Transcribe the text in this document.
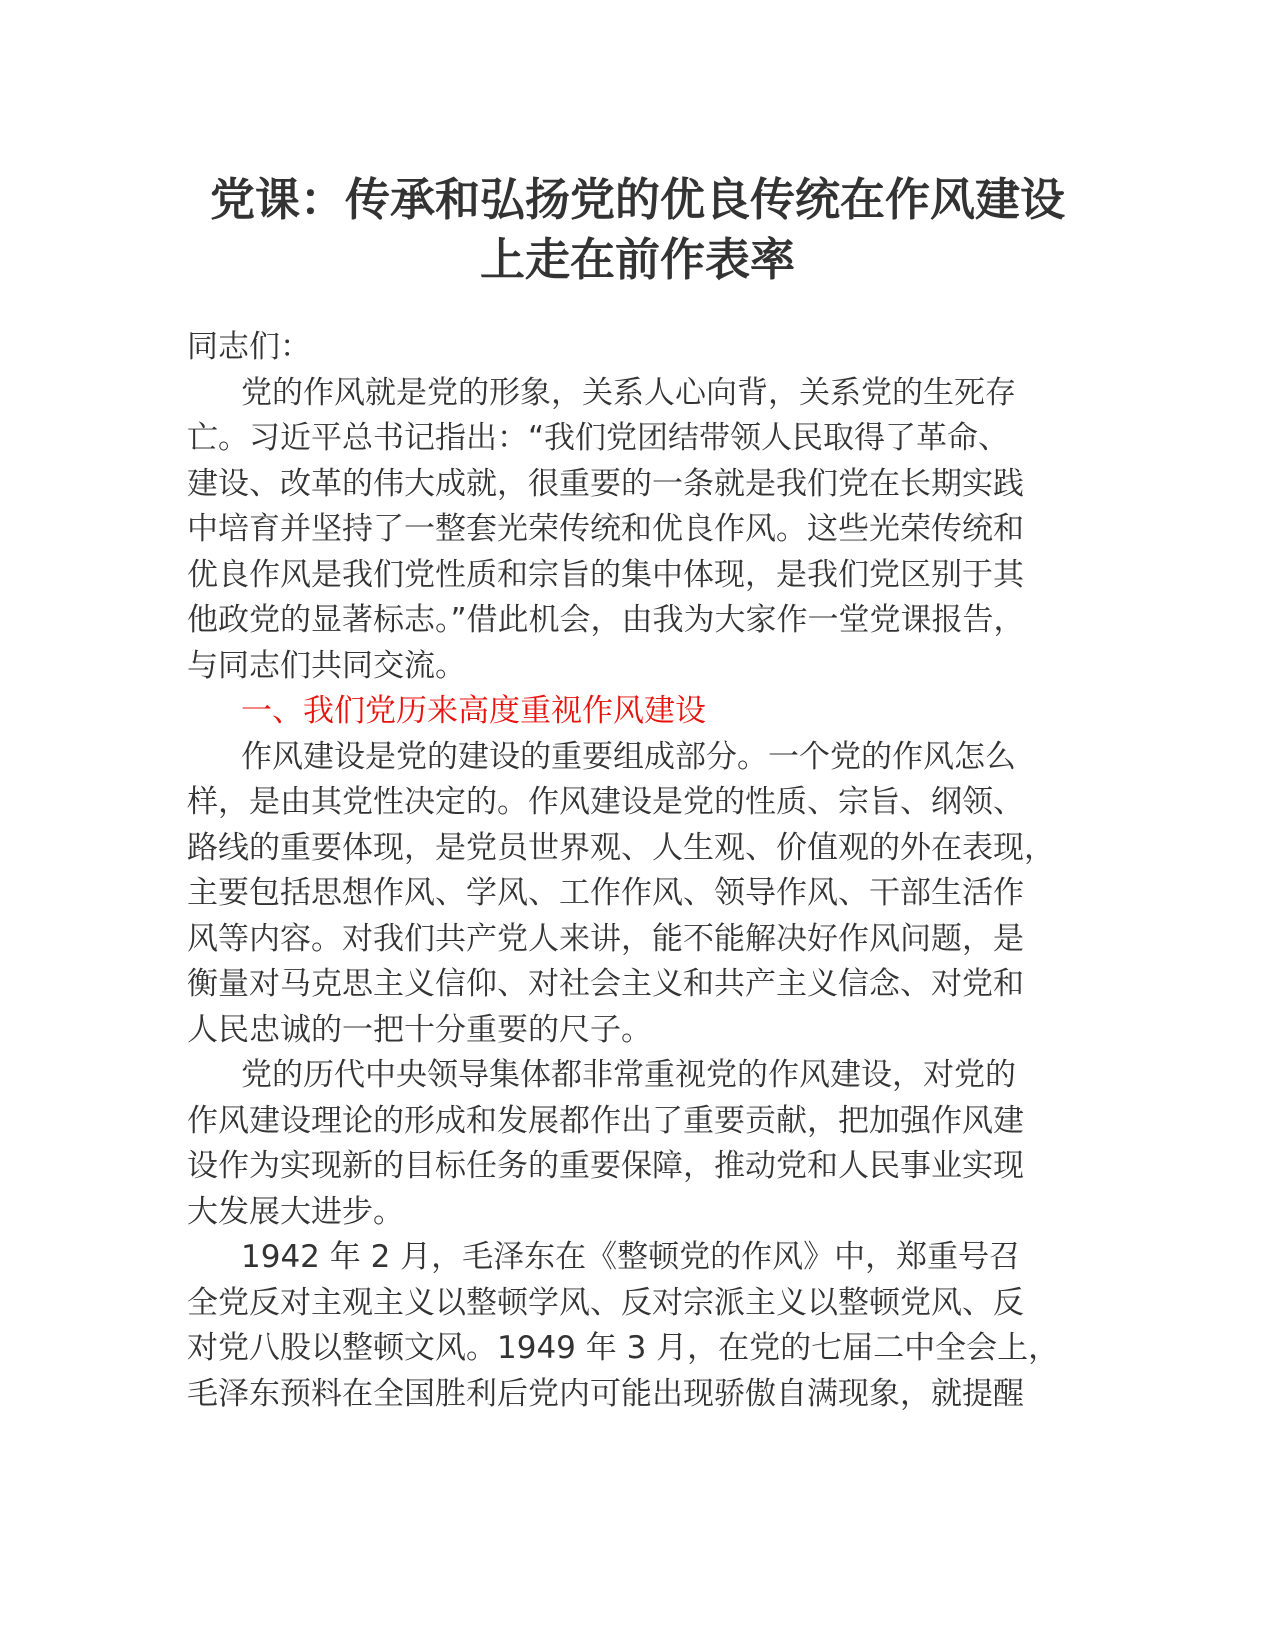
党课：传承和弘扬党的优良传统在作风建设
上走在前作表率
同志们：
党的作风就是党的形象，关系人心向背，关系党的生死存
亡。习近平总书记指出：“我们党团结带领人民取得了革命、
建设、改革的伟大成就，很重要的一条就是我们党在长期实践
中培育并坚持了一整套光荣传统和优良作风。这些光荣传统和
优良作风是我们党性质和宗旨的集中体现，是我们党区别于其
他政党的显著标志。”借此机会，由我为大家作一堂党课报告，
与同志们共同交流。
一、我们党历来高度重视作风建设
作风建设是党的建设的重要组成部分。一个党的作风怎么
样，是由其党性决定的。作风建设是党的性质、宗旨、纲领、
路线的重要体现，是党员世界观、人生观、价值观的外在表现，
主要包括思想作风、学风、工作作风、领导作风、干部生活作
风等内容。对我们共产党人来讲，能不能解决好作风问题，是
衡量对马克思主义信仰、对社会主义和共产主义信念、对党和
人民忠诚的一把十分重要的尺子。
党的历代中央领导集体都非常重视党的作风建设，对党的
作风建设理论的形成和发展都作出了重要贡献，把加强作风建
设作为实现新的目标任务的重要保障，推动党和人民事业实现
大发展大进步。
1942 年 2 月，毛泽东在《整顿党的作风》中，郑重号召
全党反对主观主义以整顿学风、反对宗派主义以整顿党风、反
对党八股以整顿文风。1949 年 3 月，在党的七届二中全会上，
毛泽东预料在全国胜利后党内可能出现骄傲自满现象，就提醒
